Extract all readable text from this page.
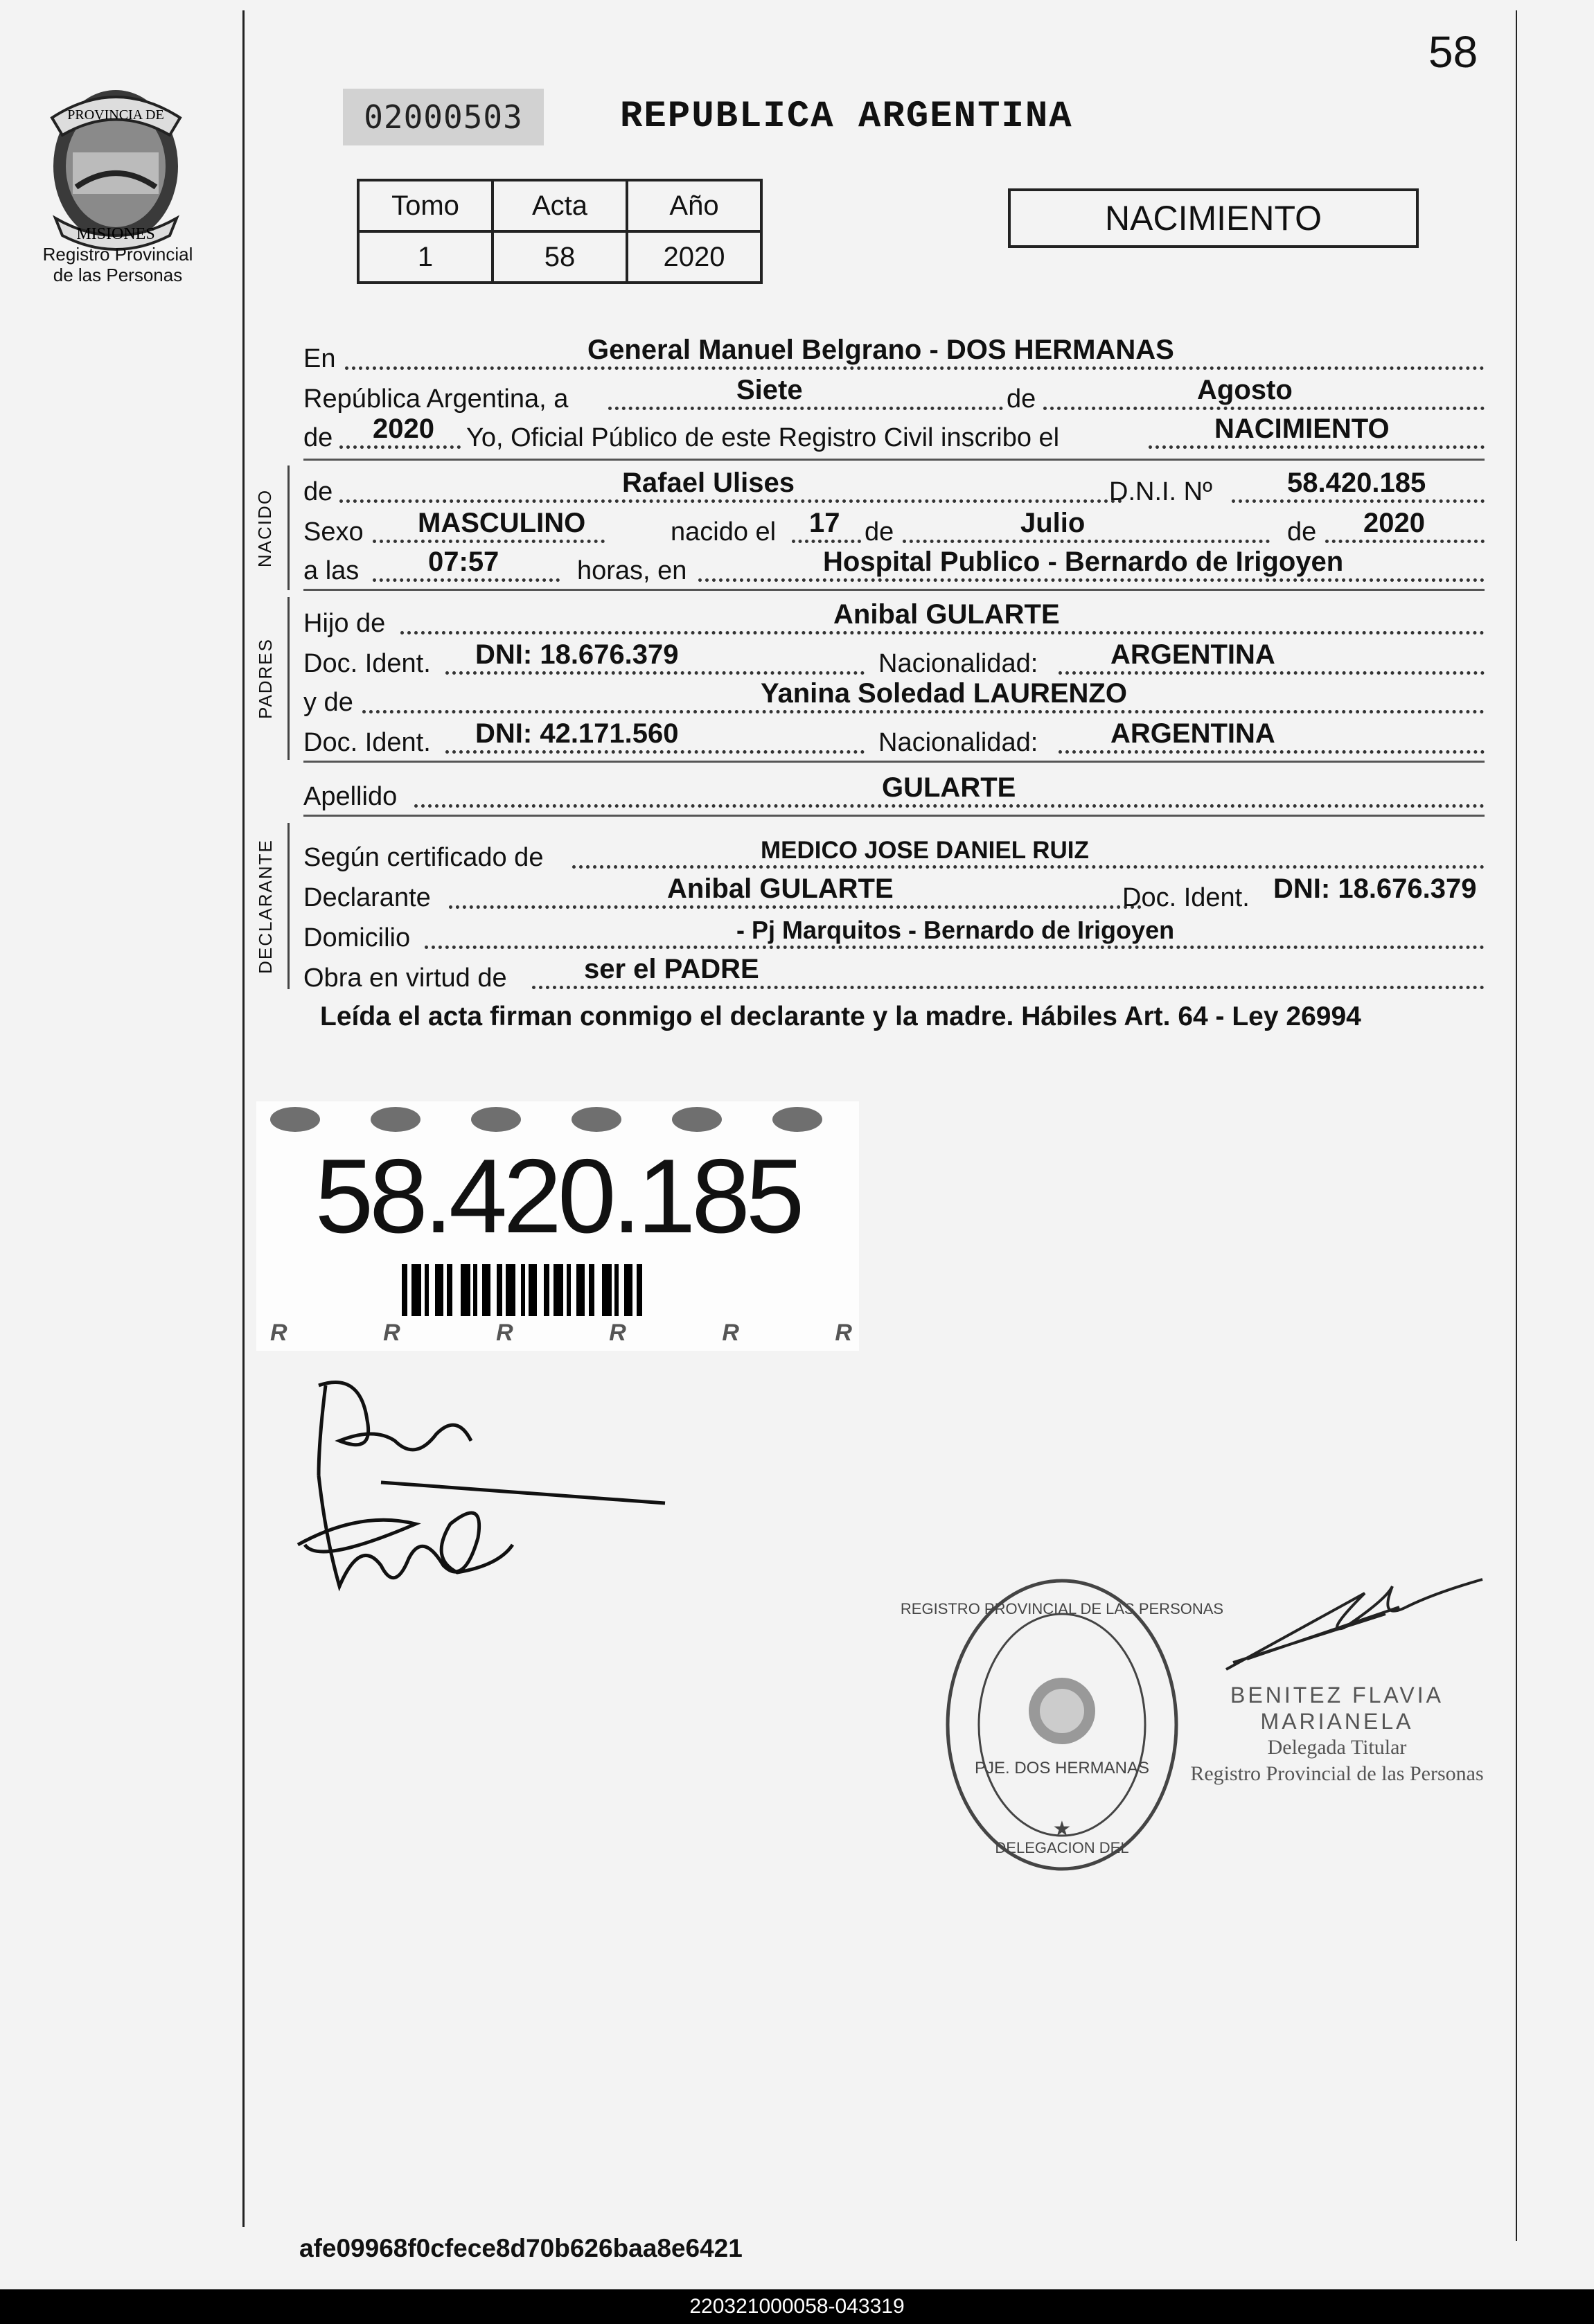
58
PROVINCIA DE
MISIONES
Registro Provincial
de las Personas
02000503	REPUBLICA ARGENTINA
Tomo	Acta	Año
1	58	2020
NACIMIENTO
En	General Manuel Belgrano - DOS HERMANAS
República Argentina, a	Siete	de	Agosto
de 2020 Yo, Oficial Público de este Registro Civil inscribo el	NACIMIENTO
NACIDO de	Rafael Ulises	D.N.I. Nº	58.420.185
Sexo MASCULINO	nacido el 17 de	Julio	de 2020
a las 07:57	horas, en	Hospital Publico - Bernardo de Irigoyen
PADRES
Hijo de	Anibal GULARTE
Doc. Ident. DNI: 18.676.379	Nacionalidad:	ARGENTINA
y de	Yanina Soledad LAURENZO
Doc. Ident. DNI: 42.171.560	Nacionalidad:	ARGENTINA
Apellido	GULARTE
DECLARANTE Según certificado de	MEDICO JOSE DANIEL RUIZ
Declarante	Anibal GULARTE	Doc. Ident. DNI: 18.676.379
Domicilio	- Pj Marquitos - Bernardo de Irigoyen
Obra en virtud de	ser el PADRE
Leída el acta firman conmigo el declarante y la madre. Hábiles Art. 64 - Ley 26994
58.420.185
R	R	R	R	R	R
REGISTRO PROVINCIAL DE LAS PERSONAS
DELEGACION DEL
PJE. DOS HERMANAS
★
BENITEZ FLAVIA MARIANELA
Delegada Titular
Registro Provincial de las Personas
afe09968f0cfece8d70b626baa8e6421
220321000058-043319
